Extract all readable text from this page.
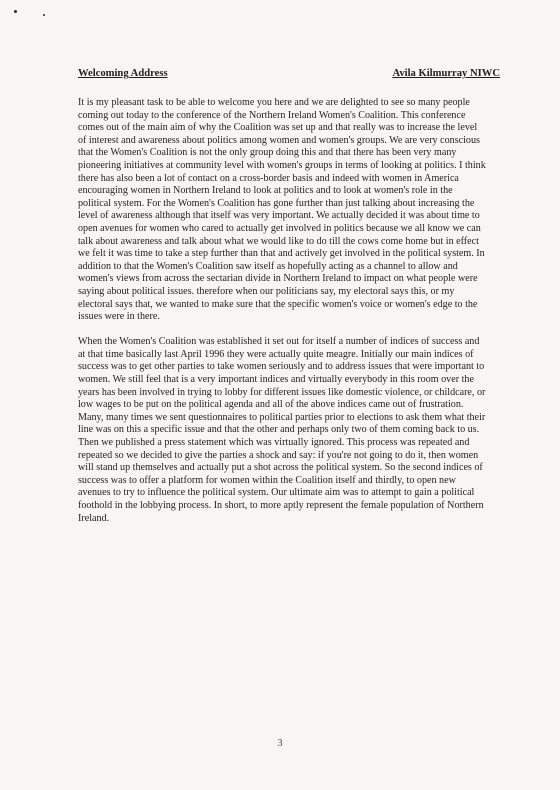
Welcoming Address	Avila Kilmurray NIWC

It is my pleasant task to be able to welcome you here and we are delighted to see so many people coming out today to the conference of the Northern Ireland Women's Coalition. This conference comes out of the main aim of why the Coalition was set up and that really was to increase the level of interest and awareness about politics among women and women's groups. We are very conscious that the Women's Coalition is not the only group doing this and that there has been very many pioneering initiatives at community level with women's groups in terms of looking at politics. I think there has also been a lot of contact on a cross-border basis and indeed with women in America encouraging women in Northern Ireland to look at politics and to look at women's role in the political system. For the Women's Coalition has gone further than just talking about increasing the level of awareness although that itself was very important. We actually decided it was about time to open avenues for women who cared to actually get involved in politics because we all know we can talk about awareness and talk about what we would like to do till the cows come home but in effect we felt it was time to take a step further than that and actively get involved in the political system. In addition to that the Women's Coalition saw itself as hopefully acting as a channel to allow and women's views from across the sectarian divide in Northern Ireland to impact on what people were saying about political issues. therefore when our politicians say, my electoral says this, or my electoral says that, we wanted to make sure that the specific women's voice or women's edge to the issues were in there.

When the Women's Coalition was established it set out for itself a number of indices of success and at that time basically last April 1996 they were actually quite meagre. Initially our main indices of success was to get other parties to take women seriously and to address issues that were important to women. We still feel that is a very important indices and virtually everybody in this room over the years has been involved in trying to lobby for different issues like domestic violence, or childcare, or low wages to be put on the political agenda and all of the above indices came out of frustration. Many, many times we sent questionnaires to political parties prior to elections to ask them what their line was on this a specific issue and that the other and perhaps only two of them coming back to us. Then we published a press statement which was virtually ignored. This process was repeated and repeated so we decided to give the parties a shock and say: if you're not going to do it, then women will stand up themselves and actually put a shot across the political system. So the second indices of success was to offer a platform for women within the Coalition itself and thirdly, to open new avenues to try to influence the political system. Our ultimate aim was to attempt to gain a political foothold in the lobbying process. In short, to more aptly represent the female population of Northern Ireland.

3
